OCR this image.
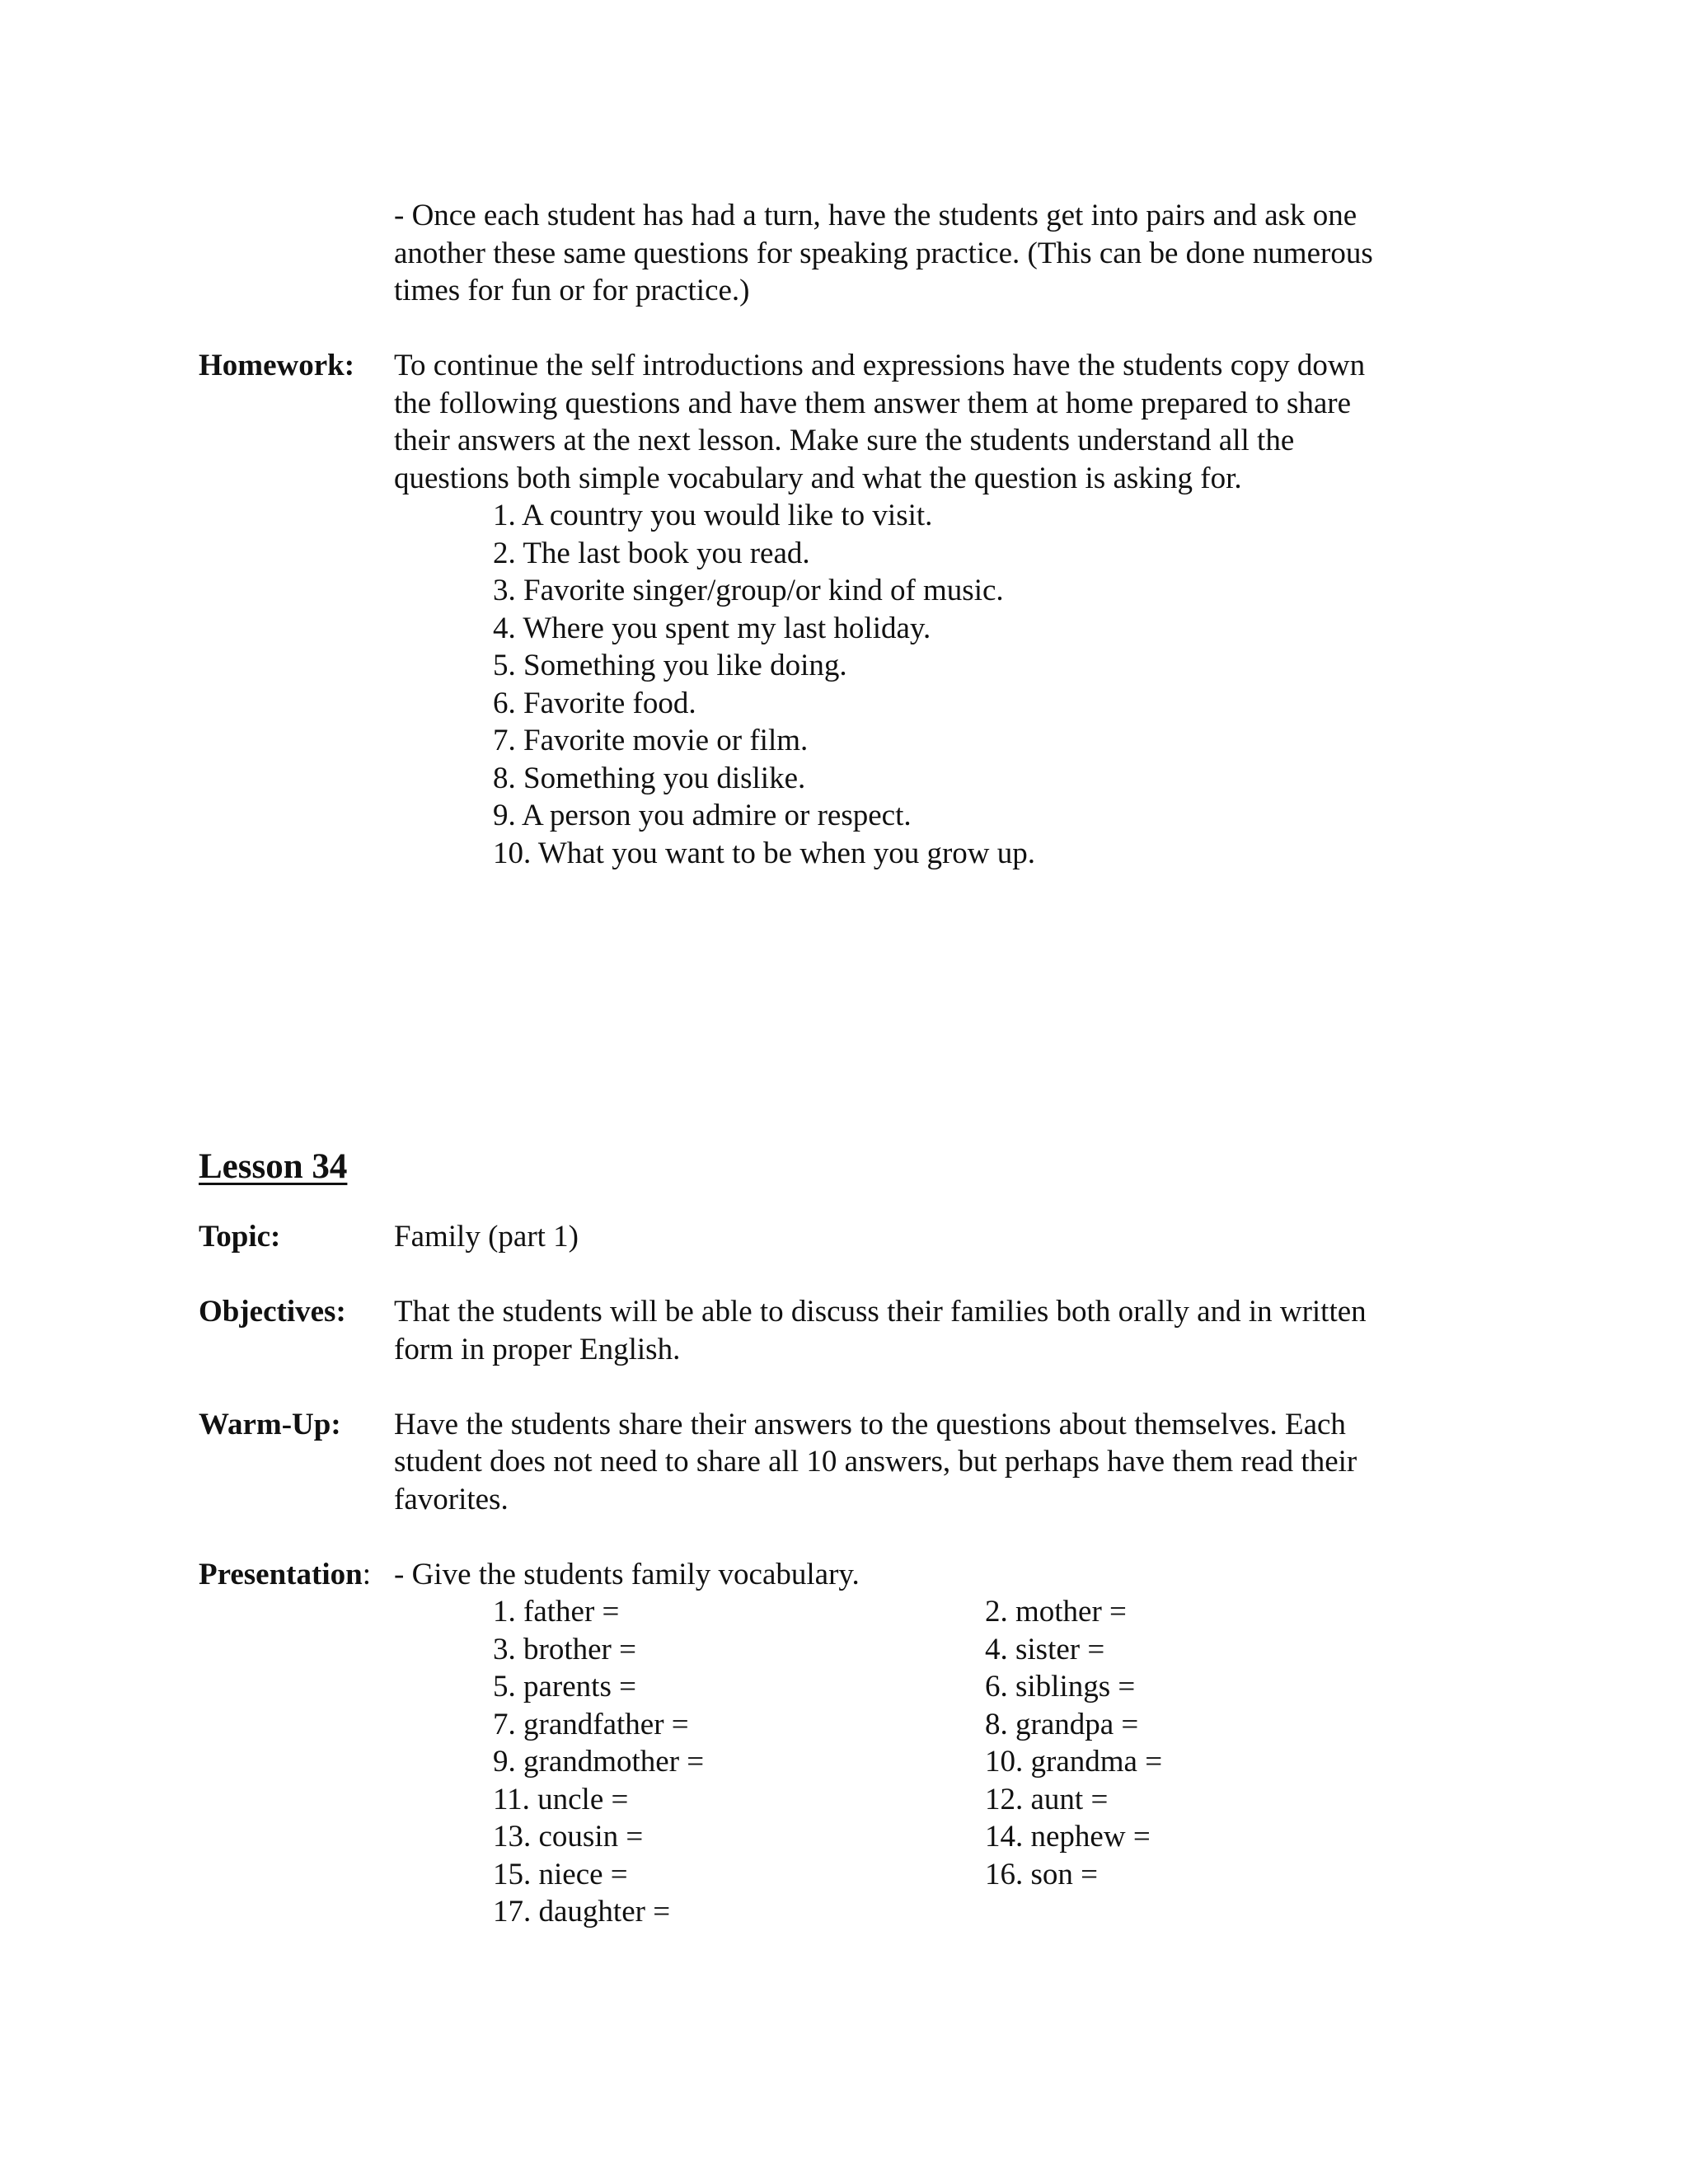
- Once each student has had a turn, have the students get into pairs and ask one
another these same questions for speaking practice. (This can be done numerous
times for fun or for practice.)
Homework: To continue the self introductions and expressions have the students copy down
the following questions and have them answer them at home prepared to share
their answers at the next lesson. Make sure the students understand all the
questions both simple vocabulary and what the question is asking for.
1. A country you would like to visit.
2. The last book you read.
3. Favorite singer/group/or kind of music.
4. Where you spent my last holiday.
5. Something you like doing.
6. Favorite food.
7. Favorite movie or film.
8. Something you dislike.
9. A person you admire or respect.
10. What you want to be when you grow up.
Lesson 34
Topic:	Family (part 1)
Objectives: That the students will be able to discuss their families both orally and in written
form in proper English.
Warm-Up: Have the students share their answers to the questions about themselves. Each
student does not need to share all 10 answers, but perhaps have them read their
favorites.
Presentation: - Give the students family vocabulary.
1. father =
3. brother =
5. parents =
7. grandfather =
9. grandmother =
11. uncle =
13. cousin =
15. niece =
17. daughter =
2. mother =
4. sister =
6. siblings =
8. grandpa =
10. grandma =
12. aunt =
14. nephew =
16. son =
